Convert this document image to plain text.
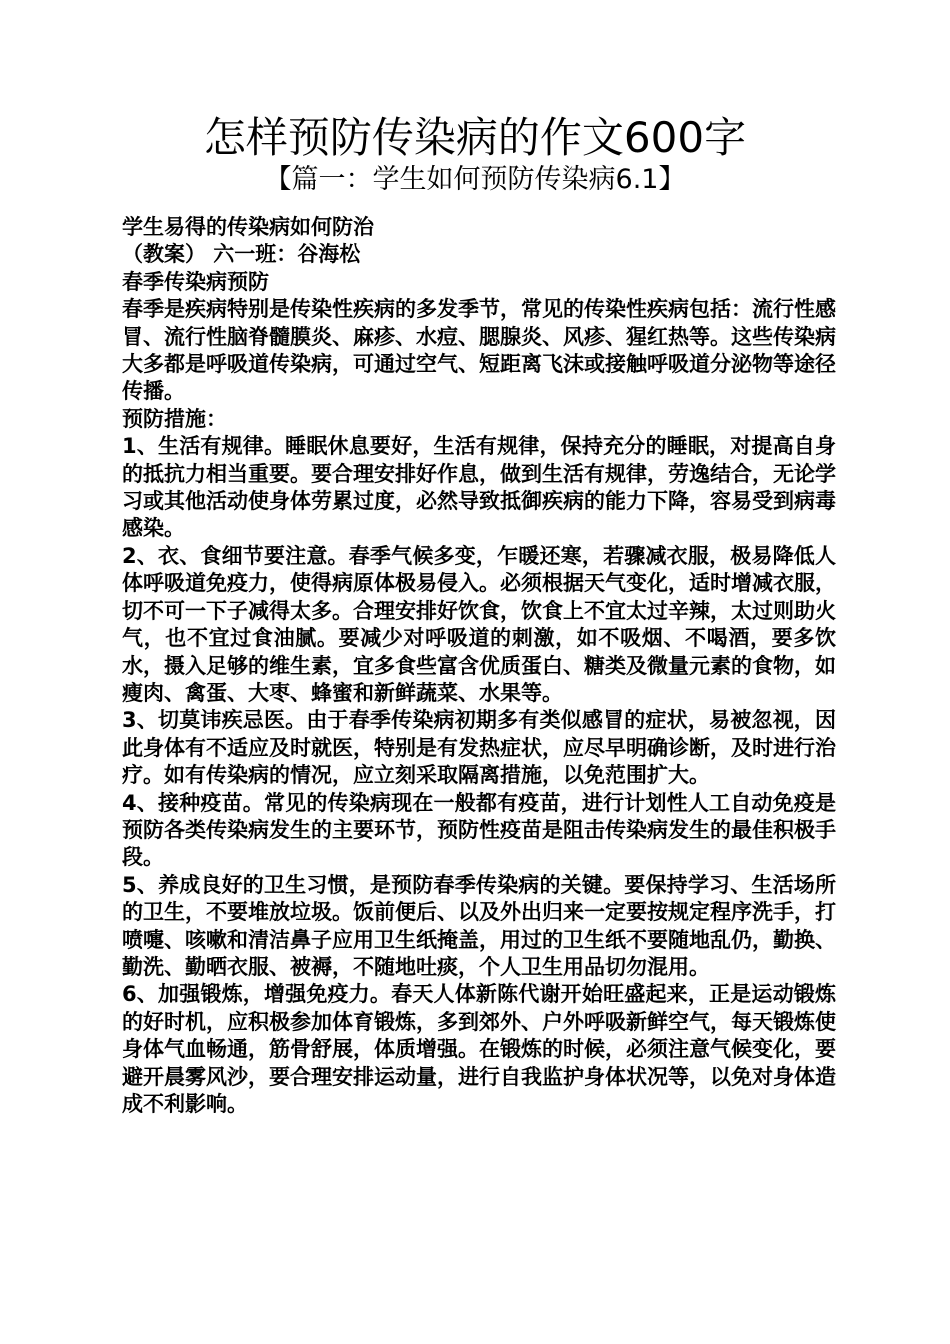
怎样预防传染病的作文600字
【篇一：学生如何预防传染病6.1】

学生易得的传染病如何防治

（教案） 六一班：谷海松

春季传染病预防

春季是疾病特别是传染性疾病的多发季节，常见的传染性疾病包括：流行性感冒、流行性脑脊髓膜炎、麻疹、水痘、腮腺炎、风疹、猩红热等。这些传染病大多都是呼吸道传染病，可通过空气、短距离飞沫或接触呼吸道分泌物等途径传播。

预防措施：

1、生活有规律。睡眠休息要好，生活有规律，保持充分的睡眠，对提高自身的抵抗力相当重要。要合理安排好作息，做到生活有规律，劳逸结合，无论学习或其他活动使身体劳累过度，必然导致抵御疾病的能力下降，容易受到病毒感染。

2、衣、食细节要注意。春季气候多变，乍暖还寒，若骤减衣服，极易降低人体呼吸道免疫力，使得病原体极易侵入。必须根据天气变化，适时增减衣服，切不可一下子减得太多。合理安排好饮食，饮食上不宜太过辛辣，太过则助火气，也不宜过食油腻。要减少对呼吸道的刺激，如不吸烟、不喝酒，要多饮水，摄入足够的维生素，宜多食些富含优质蛋白、糖类及微量元素的食物，如瘦肉、禽蛋、大枣、蜂蜜和新鲜蔬菜、水果等。

3、切莫讳疾忌医。由于春季传染病初期多有类似感冒的症状，易被忽视，因此身体有不适应及时就医，特别是有发热症状，应尽早明确诊断，及时进行治疗。如有传染病的情况，应立刻采取隔离措施，以免范围扩大。

4、接种疫苗。常见的传染病现在一般都有疫苗，进行计划性人工自动免疫是预防各类传染病发生的主要环节，预防性疫苗是阻击传染病发生的最佳积极手段。

5、养成良好的卫生习惯，是预防春季传染病的关键。要保持学习、生活场所的卫生，不要堆放垃圾。饭前便后、以及外出归来一定要按规定程序洗手，打喷嚏、咳嗽和清洁鼻子应用卫生纸掩盖，用过的卫生纸不要随地乱仍，勤换、勤洗、勤晒衣服、被褥，不随地吐痰，个人卫生用品切勿混用。

6、加强锻炼，增强免疫力。春天人体新陈代谢开始旺盛起来，正是运动锻炼的好时机，应积极参加体育锻炼，多到郊外、户外呼吸新鲜空气，每天锻炼使身体气血畅通，筋骨舒展，体质增强。在锻炼的时候，必须注意气候变化，要避开晨雾风沙，要合理安排运动量，进行自我监护身体状况等，以免对身体造成不利影响。
